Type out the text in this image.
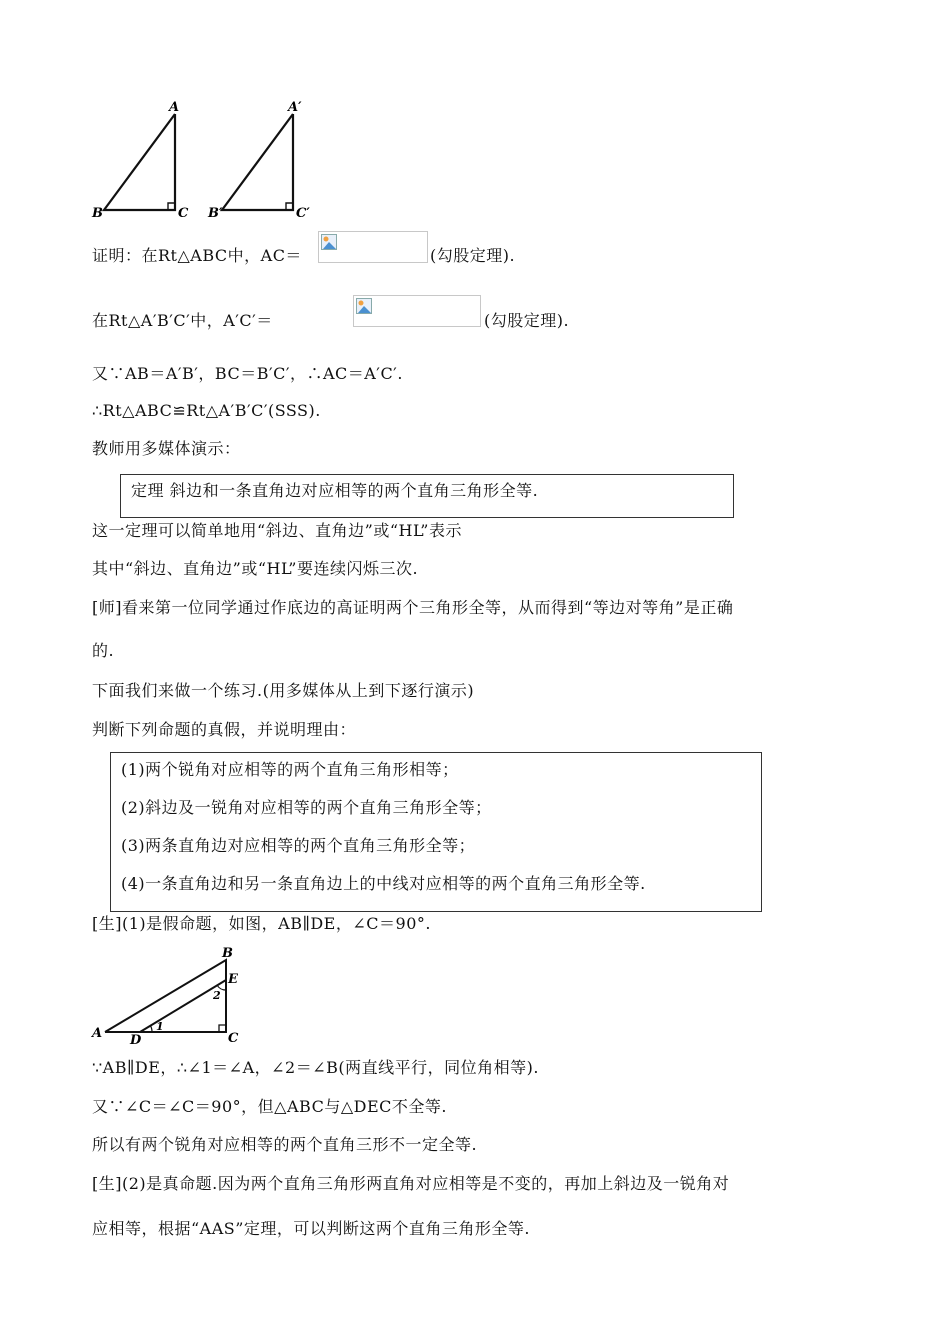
A
B	C
A′
B′	C′
证明：在Rt△ABC中，AC＝	(勾股定理).
在Rt△A′B′C′中，A′C′＝	(勾股定理).
又∵AB＝A′B′，BC＝B′C′，∴AC＝A′C′.
∴Rt△ABC≌Rt△A′B′C′(SSS).
教师用多媒体演示：
定理 斜边和一条直角边对应相等的两个直角三角形全等.
这一定理可以简单地用“斜边、直角边”或“HL”表示
其中“斜边、直角边”或“HL”要连续闪烁三次.
[师]看来第一位同学通过作底边的高证明两个三角形全等，从而得到“等边对等角”是正确
的.
下面我们来做一个练习.(用多媒体从上到下逐行演示)
判断下列命题的真假，并说明理由：
(1)两个锐角对应相等的两个直角三角形相等；
(2)斜边及一锐角对应相等的两个直角三角形全等；
(3)两条直角边对应相等的两个直角三角形全等；
(4)一条直角边和另一条直角边上的中线对应相等的两个直角三角形全等.
[生](1)是假命题，如图，AB∥DE，∠C＝90°.
A
B
C
D
E
1
2
∵AB∥DE，∴∠1＝∠A，∠2＝∠B(两直线平行，同位角相等).
又∵∠C＝∠C＝90°，但△ABC与△DEC不全等.
所以有两个锐角对应相等的两个直角三形不一定全等.
[生](2)是真命题.因为两个直角三角形两直角对应相等是不变的，再加上斜边及一锐角对
应相等，根据“AAS”定理，可以判断这两个直角三角形全等.
